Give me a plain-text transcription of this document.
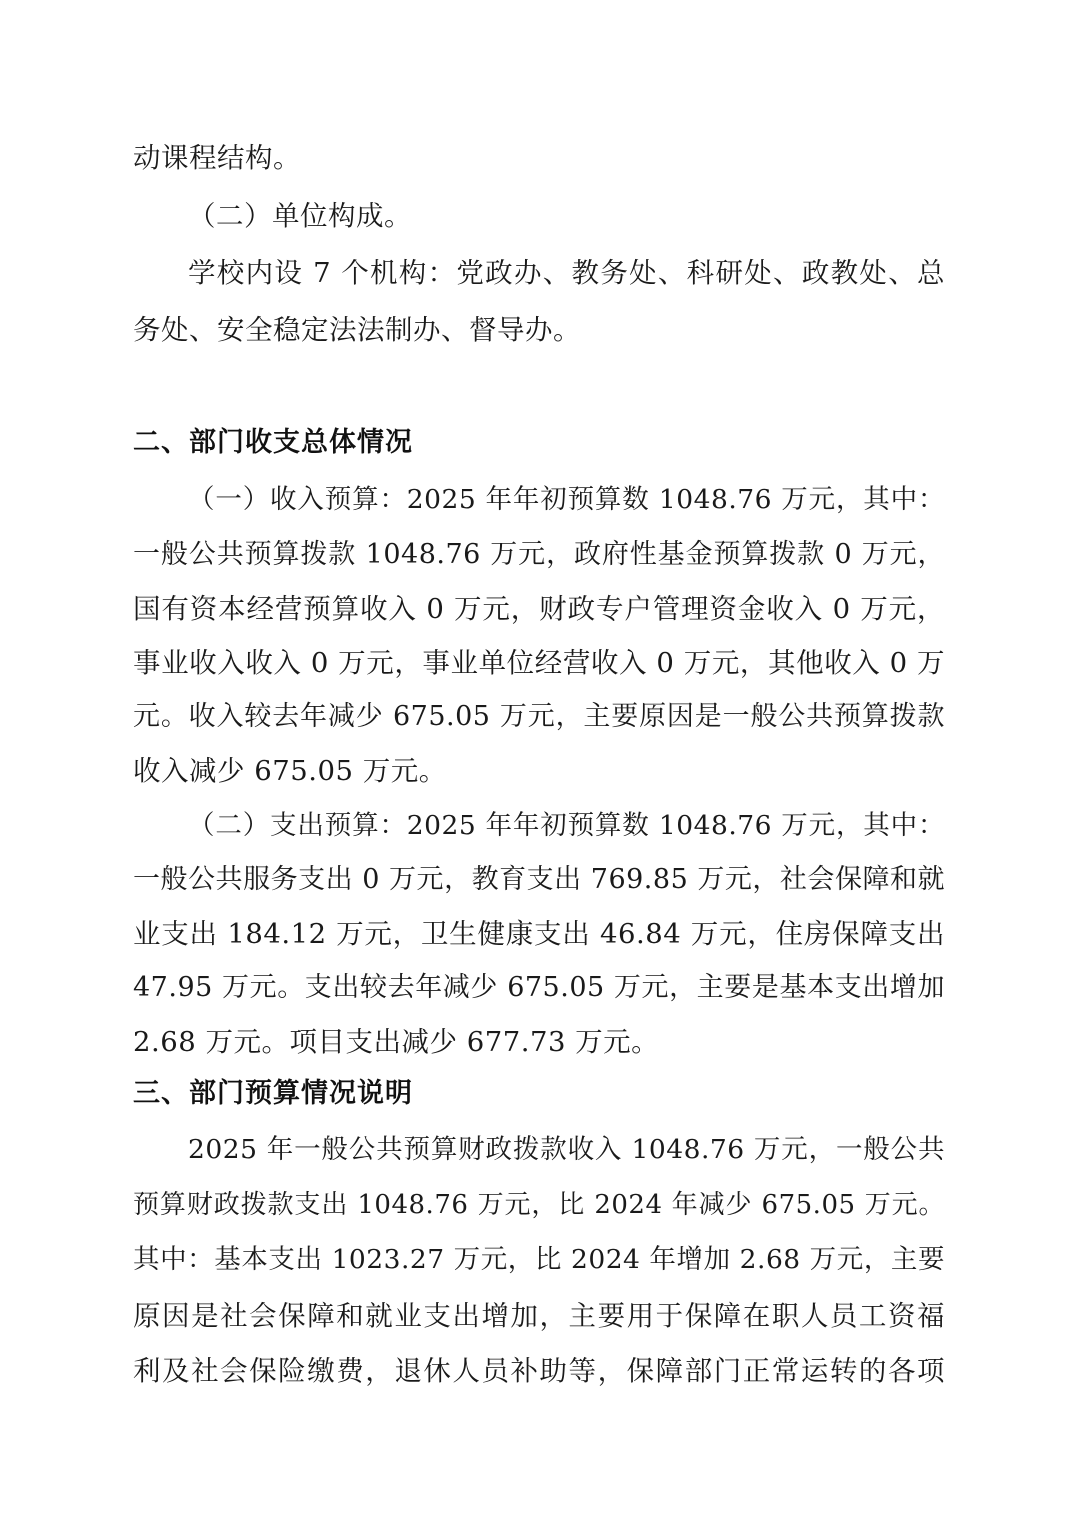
动课程结构。
（二）单位构成。
学校内设 7 个机构：党政办、教务处、科研处、政教处、总
务处、安全稳定法法制办、督导办。
二、部门收支总体情况
（一）收入预算：2025 年年初预算数 1048.76 万元，其中：
一般公共预算拨款 1048.76 万元，政府性基金预算拨款 0 万元，
国有资本经营预算收入 0 万元，财政专户管理资金收入 0 万元，
事业收入收入 0 万元，事业单位经营收入 0 万元，其他收入 0 万
元。收入较去年减少 675.05 万元，主要原因是一般公共预算拨款
收入减少 675.05 万元。
（二）支出预算：2025 年年初预算数 1048.76 万元，其中：
一般公共服务支出 0 万元，教育支出 769.85 万元，社会保障和就
业支出 184.12 万元，卫生健康支出 46.84 万元，住房保障支出
47.95 万元。支出较去年减少 675.05 万元，主要是基本支出增加
2.68 万元。项目支出减少 677.73 万元。
三、部门预算情况说明
2025 年一般公共预算财政拨款收入 1048.76 万元，一般公共
预算财政拨款支出 1048.76 万元，比 2024 年减少 675.05 万元。
其中：基本支出 1023.27 万元，比 2024 年增加 2.68 万元，主要
原因是社会保障和就业支出增加，主要用于保障在职人员工资福
利及社会保险缴费，退休人员补助等，保障部门正常运转的各项
